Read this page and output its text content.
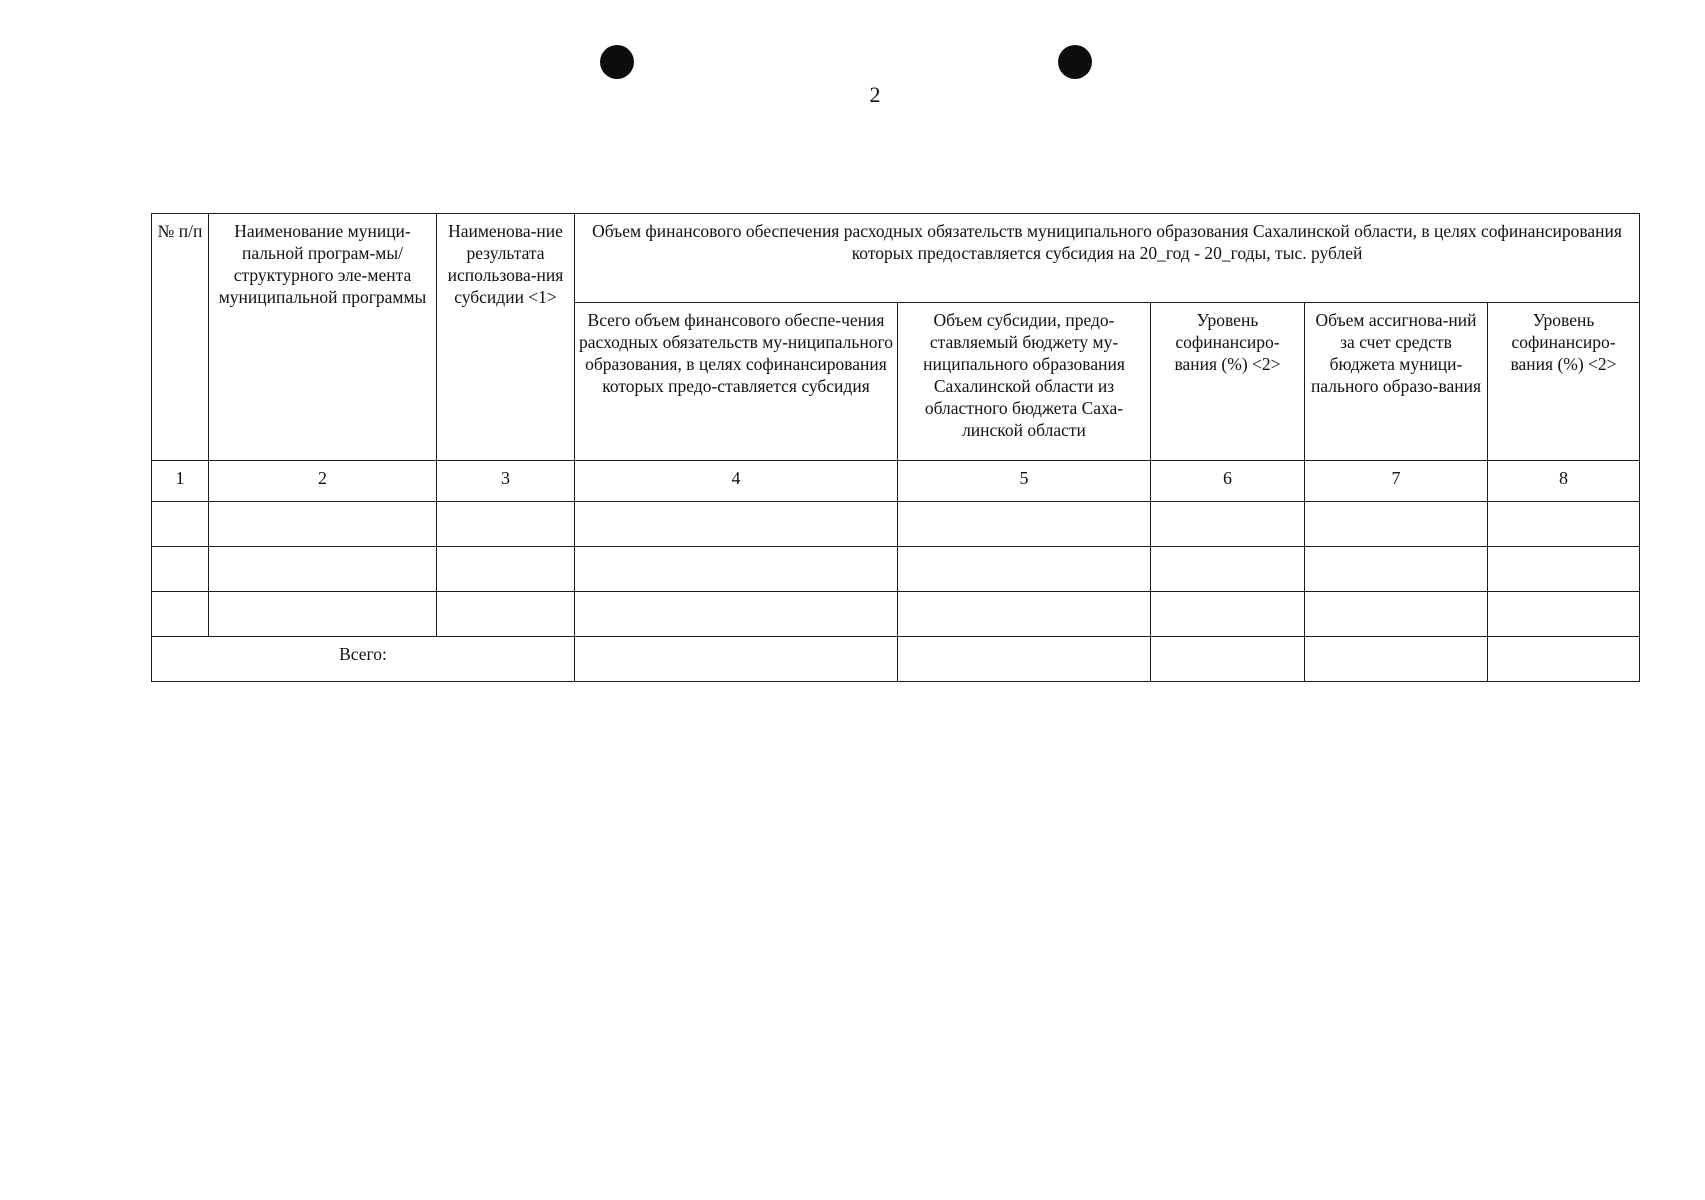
2
№ п/п	Наименование муници-пальной програм-мы/структурного эле-мента муниципальной программы	Наименова-ние результата использова-ния субсидии <1>	Объем финансового обеспечения расходных обязательств муниципального образования Сахалинской области, в целях софинансирования которых предоставляется субсидия на 20_год - 20_годы, тыс. рублей				
			Всего объем финансового обеспе-чения расходных обязательств му-ниципального образования, в целях софинансирования которых предо-ставляется субсидия	Объем субсидии, предо-ставляемый бюджету му-ниципального образования Сахалинской области из областного бюджета Саха-линской области	Уровень софинансиро-вания (%) <2>	Объем ассигнова-ний за счет средств бюджета муници-пального образо-вания	Уровень софинансиро-вания (%) <2>
1	2	3	4	5	6	7	8

Всего:							
